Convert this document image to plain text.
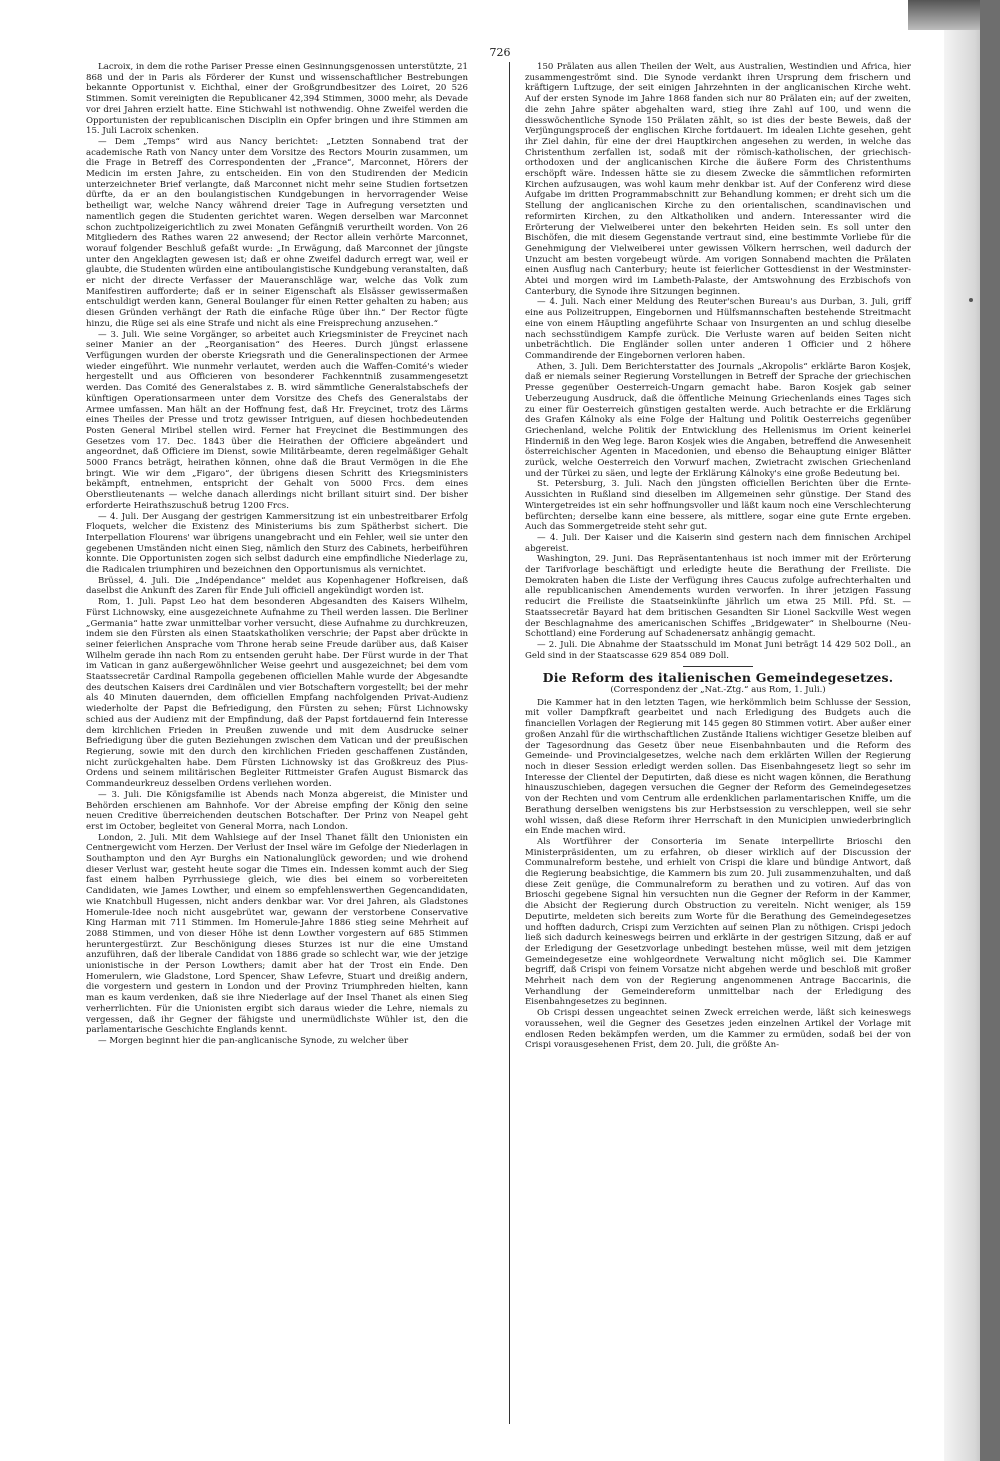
726

Lacroix, in dem die rothe Pariser Presse einen Gesinnungsgenossen unterstützte, 21 868 und der in Paris als Förderer der Kunst und wissenschaftlicher Bestrebungen bekannte Opportunist v. Eichthal, einer der Großgrundbesitzer des Loiret, 20 526 Stimmen. Somit vereinigten die Republicaner 42,394 Stimmen, 3000 mehr, als Devade vor drei Jahren erzielt hatte. Eine Stichwahl ist nothwendig. Ohne Zweifel werden die Opportunisten der republicanischen Disciplin ein Opfer bringen und ihre Stimmen am 15. Juli Lacroix schenken.

— Dem „Temps“ wird aus Nancy berichtet: „Letzten Sonnabend trat der academische Rath von Nancy unter dem Vorsitze des Rectors Mourin zusammen, um die Frage in Betreff des Correspondenten der „France“, Marconnet, Hörers der Medicin im ersten Jahre, zu entscheiden. Ein von den Studirenden der Medicin unterzeichneter Brief verlangte, daß Marconnet nicht mehr seine Studien fortsetzen dürfte, da er an den boulangistischen Kundgebungen in hervorragender Weise betheiligt war, welche Nancy während dreier Tage in Aufregung versetzten und namentlich gegen die Studenten gerichtet waren. Wegen derselben war Marconnet schon zuchtpolizeigerichtlich zu zwei Monaten Gefängniß verurtheilt worden. Von 26 Mitgliedern des Rathes waren 22 anwesend; der Rector allein verhörte Marconnet, worauf folgender Beschluß gefaßt wurde: „In Erwägung, daß Marconnet der jüngste unter den Angeklagten gewesen ist; daß er ohne Zweifel dadurch erregt war, weil er glaubte, die Studenten würden eine antiboulangistische Kundgebung veranstalten, daß er nicht der directe Verfasser der Maueranschläge war, welche das Volk zum Manifestiren aufforderte; daß er in seiner Eigenschaft als Elsässer gewissermaßen entschuldigt werden kann, General Boulanger für einen Retter gehalten zu haben; aus diesen Gründen verhängt der Rath die einfache Rüge über ihn.“ Der Rector fügte hinzu, die Rüge sei als eine Strafe und nicht als eine Freisprechung anzusehen.“

— 3. Juli. Wie seine Vorgänger, so arbeitet auch Kriegsminister de Freycinet nach seiner Manier an der „Reorganisation“ des Heeres. Durch jüngst erlassene Verfügungen wurden der oberste Kriegsrath und die Generalinspectionen der Armee wieder eingeführt. Wie nunmehr verlautet, werden auch die Waffen-Comité's wieder hergestellt und aus Officieren von besonderer Fachkenntniß zusammengesetzt werden. Das Comité des Generalstabes z. B. wird sämmtliche Generalstabschefs der künftigen Operationsarmeen unter dem Vorsitze des Chefs des Generalstabs der Armee umfassen. Man hält an der Hoffnung fest, daß Hr. Freycinet, trotz des Lärms eines Theiles der Presse und trotz gewisser Intriguen, auf diesen hochbedeutenden Posten General Miribel stellen wird. Ferner hat Freycinet die Bestimmungen des Gesetzes vom 17. Dec. 1843 über die Heirathen der Officiere abgeändert und angeordnet, daß Officiere im Dienst, sowie Militärbeamte, deren regelmäßiger Gehalt 5000 Francs beträgt, heirathen können, ohne daß die Braut Vermögen in die Ehe bringt. Wie wir dem „Figaro“, der übrigens diesen Schritt des Kriegsministers bekämpft, entnehmen, entspricht der Gehalt von 5000 Frcs. dem eines Oberstlieutenants — welche danach allerdings nicht brillant situirt sind. Der bisher erforderte Heirathszuschuß betrug 1200 Frcs.

— 4. Juli. Der Ausgang der gestrigen Kammersitzung ist ein unbestreitbarer Erfolg Floquets, welcher die Existenz des Ministeriums bis zum Spätherbst sichert. Die Interpellation Flourens' war übrigens unangebracht und ein Fehler, weil sie unter den gegebenen Umständen nicht einen Sieg, nämlich den Sturz des Cabinets, herbeiführen konnte. Die Opportunisten zogen sich selbst dadurch eine empfindliche Niederlage zu, die Radicalen triumphiren und bezeichnen den Opportunismus als vernichtet.

Brüssel, 4. Juli. Die „Indépendance“ meldet aus Kopenhagener Hofkreisen, daß daselbst die Ankunft des Zaren für Ende Juli officiell angekündigt worden ist.

Rom, 1. Juli. Papst Leo hat dem besonderen Abgesandten des Kaisers Wilhelm, Fürst Lichnowsky, eine ausgezeichnete Aufnahme zu Theil werden lassen. Die Berliner „Germania“ hatte zwar unmittelbar vorher versucht, diese Aufnahme zu durchkreuzen, indem sie den Fürsten als einen Staatskatholiken verschrie; der Papst aber drückte in seiner feierlichen Ansprache vom Throne herab seine Freude darüber aus, daß Kaiser Wilhelm gerade ihn nach Rom zu entsenden geruht habe. Der Fürst wurde in der That im Vatican in ganz außergewöhnlicher Weise geehrt und ausgezeichnet; bei dem vom Staatssecretär Cardinal Rampolla gegebenen officiellen Mahle wurde der Abgesandte des deutschen Kaisers drei Cardinälen und vier Botschaftern vorgestellt; bei der mehr als 40 Minuten dauernden, dem officiellen Empfang nachfolgenden Privat-Audienz wiederholte der Papst die Befriedigung, den Fürsten zu sehen; Fürst Lichnowsky schied aus der Audienz mit der Empfindung, daß der Papst fortdauernd fein Interesse dem kirchlichen Frieden in Preußen zuwende und mit dem Ausdrucke seiner Befriedigung über die guten Beziehungen zwischen dem Vatican und der preußischen Regierung, sowie mit den durch den kirchlichen Frieden geschaffenen Zuständen, nicht zurückgehalten habe. Dem Fürsten Lichnowsky ist das Großkreuz des Pius-Ordens und seinem militärischen Begleiter Rittmeister Grafen August Bismarck das Commandeurkreuz desselben Ordens verliehen worden.

— 3. Juli. Die Königsfamilie ist Abends nach Monza abgereist, die Minister und Behörden erschienen am Bahnhofe. Vor der Abreise empfing der König den seine neuen Creditive überreichenden deutschen Botschafter. Der Prinz von Neapel geht erst im October, begleitet von General Morra, nach London.

London, 2. Juli. Mit dem Wahlsiege auf der Insel Thanet fällt den Unionisten ein Centnergewicht vom Herzen. Der Verlust der Insel wäre im Gefolge der Niederlagen in Southampton und den Ayr Burghs ein Nationalunglück geworden; und wie drohend dieser Verlust war, gesteht heute sogar die Times ein. Indessen kommt auch der Sieg fast einem halben Pyrrhussiege gleich, wie dies bei einem so vorbereiteten Candidaten, wie James Lowther, und einem so empfehlenswerthen Gegencandidaten, wie Knatchbull Hugessen, nicht anders denkbar war. Vor drei Jahren, als Gladstones Homerule-Idee noch nicht ausgebrütet war, gewann der verstorbene Conservative King Harman mit 711 Stimmen. Im Homerule-Jahre 1886 stieg seine Mehrheit auf 2088 Stimmen, und von dieser Höhe ist denn Lowther vorgestern auf 685 Stimmen heruntergestürzt. Zur Beschönigung dieses Sturzes ist nur die eine Umstand anzuführen, daß der liberale Candidat von 1886 grade so schlecht war, wie der jetzige unionistische in der Person Lowthers; damit aber hat der Trost ein Ende. Den Homerulern, wie Gladstone, Lord Spencer, Shaw Lefevre, Stuart und dreißig andern, die vorgestern und gestern in London und der Provinz Triumphreden hielten, kann man es kaum verdenken, daß sie ihre Niederlage auf der Insel Thanet als einen Sieg verherrlichten. Für die Unionisten ergibt sich daraus wieder die Lehre, niemals zu vergessen, daß ihr Gegner der fähigste und unermüdlichste Wühler ist, den die parlamentarische Geschichte Englands kennt.

— Morgen beginnt hier die pan-anglicanische Synode, zu welcher über

150 Prälaten aus allen Theilen der Welt, aus Australien, Westindien und Africa, hier zusammengeströmt sind. Die Synode verdankt ihren Ursprung dem frischern und kräftigern Luftzuge, der seit einigen Jahrzehnten in der anglicanischen Kirche weht. Auf der ersten Synode im Jahre 1868 fanden sich nur 80 Prälaten ein; auf der zweiten, die zehn Jahre später abgehalten ward, stieg ihre Zahl auf 100, und wenn die diesswöchentliche Synode 150 Prälaten zählt, so ist dies der beste Beweis, daß der Verjüngungsproceß der englischen Kirche fortdauert. Im idealen Lichte gesehen, geht ihr Ziel dahin, für eine der drei Hauptkirchen angesehen zu werden, in welche das Christenthum zerfallen ist, sodaß mit der römisch-katholischen, der griechisch-orthodoxen und der anglicanischen Kirche die äußere Form des Christenthums erschöpft wäre. Indessen hätte sie zu diesem Zwecke die sämmtlichen reformirten Kirchen aufzusaugen, was wohl kaum mehr denkbar ist. Auf der Conferenz wird diese Aufgabe im dritten Programmabschnitt zur Behandlung kommen; er dreht sich um die Stellung der anglicanischen Kirche zu den orientalischen, scandinavischen und reformirten Kirchen, zu den Altkatholiken und andern. Interessanter wird die Erörterung der Vielweiberei unter den bekehrten Heiden sein. Es soll unter den Bischöfen, die mit diesem Gegenstande vertraut sind, eine bestimmte Vorliebe für die Genehmigung der Vielweiberei unter gewissen Völkern herrschen, weil dadurch der Unzucht am besten vorgebeugt würde. Am vorigen Sonnabend machten die Prälaten einen Ausflug nach Canterbury; heute ist feierlicher Gottesdienst in der Westminster-Abtei und morgen wird im Lambeth-Palaste, der Amtswohnung des Erzbischofs von Canterbury, die Synode ihre Sitzungen beginnen.

— 4. Juli. Nach einer Meldung des Reuter'schen Bureau's aus Durban, 3. Juli, griff eine aus Polizeitruppen, Eingebornen und Hülfsmannschaften bestehende Streitmacht eine von einem Häuptling angeführte Schaar von Insurgenten an und schlug dieselbe nach sechsstündigem Kampfe zurück. Die Verluste waren auf beiden Seiten nicht unbeträchtlich. Die Engländer sollen unter anderen 1 Officier und 2 höhere Commandirende der Eingebornen verloren haben.

Athen, 3. Juli. Dem Berichterstatter des Journals „Akropolis“ erklärte Baron Kosjek, daß er niemals seiner Regierung Vorstellungen in Betreff der Sprache der griechischen Presse gegenüber Oesterreich-Ungarn gemacht habe. Baron Kosjek gab seiner Ueberzeugung Ausdruck, daß die öffentliche Meinung Griechenlands eines Tages sich zu einer für Oesterreich günstigen gestalten werde. Auch betrachte er die Erklärung des Grafen Kálnoky als eine Folge der Haltung und Politik Oesterreichs gegenüber Griechenland, welche Politik der Entwicklung des Hellenismus im Orient keinerlei Hinderniß in den Weg lege. Baron Kosjek wies die Angaben, betreffend die Anwesenheit österreichischer Agenten in Macedonien, und ebenso die Behauptung einiger Blätter zurück, welche Oesterreich den Vorwurf machen, Zwietracht zwischen Griechenland und der Türkei zu säen, und legte der Erklärung Kálnoky's eine große Bedeutung bei.

St. Petersburg, 3. Juli. Nach den jüngsten officiellen Berichten über die Ernte-Aussichten in Rußland sind dieselben im Allgemeinen sehr günstige. Der Stand des Wintergetreides ist ein sehr hoffnungsvoller und läßt kaum noch eine Verschlechterung befürchten; derselbe kann eine bessere, als mittlere, sogar eine gute Ernte ergeben. Auch das Sommergetreide steht sehr gut.

— 4. Juli. Der Kaiser und die Kaiserin sind gestern nach dem finnischen Archipel abgereist.

Washington, 29. Juni. Das Repräsentantenhaus ist noch immer mit der Erörterung der Tarifvorlage beschäftigt und erledigte heute die Berathung der Freiliste. Die Demokraten haben die Liste der Verfügung ihres Caucus zufolge aufrechterhalten und alle republicanischen Amendements wurden verworfen. In ihrer jetzigen Fassung reducirt die Freiliste die Staatseinkünfte jährlich um etwa 25 Mill. Pfd. St. — Staatssecretär Bayard hat dem britischen Gesandten Sir Lionel Sackville West wegen der Beschlagnahme des americanischen Schiffes „Bridgewater“ in Shelbourne (Neu-Schottland) eine Forderung auf Schadenersatz anhängig gemacht.

— 2. Juli. Die Abnahme der Staatsschuld im Monat Juni beträgt 14 429 502 Doll., an Geld sind in der Staatscasse 629 854 089 Doll.

Die Reform des italienischen Gemeindegesetzes.

(Correspondenz der „Nat.-Ztg.“ aus Rom, 1. Juli.)

Die Kammer hat in den letzten Tagen, wie herkömmlich beim Schlusse der Session, mit voller Dampfkraft gearbeitet und nach Erledigung des Budgets auch die financiellen Vorlagen der Regierung mit 145 gegen 80 Stimmen votirt. Aber außer einer großen Anzahl für die wirthschaftlichen Zustände Italiens wichtiger Gesetze bleiben auf der Tagesordnung das Gesetz über neue Eisenbahnbauten und die Reform des Gemeinde- und Provincialgesetzes, welche nach dem erklärten Willen der Regierung noch in dieser Session erledigt werden sollen. Das Eisenbahngesetz liegt so sehr im Interesse der Clientel der Deputirten, daß diese es nicht wagen können, die Berathung hinauszuschieben, dagegen versuchen die Gegner der Reform des Gemeindegesetzes von der Rechten und vom Centrum alle erdenklichen parlamentarischen Kniffe, um die Berathung derselben wenigstens bis zur Herbstsession zu verschleppen, weil sie sehr wohl wissen, daß diese Reform ihrer Herrschaft in den Municipien unwiederbringlich ein Ende machen wird.

Als Wortführer der Consorteria im Senate interpellirte Brioschi den Ministerpräsidenten, um zu erfahren, ob dieser wirklich auf der Discussion der Communalreform bestehe, und erhielt von Crispi die klare und bündige Antwort, daß die Regierung beabsichtige, die Kammern bis zum 20. Juli zusammenzuhalten, und daß diese Zeit genüge, die Communalreform zu berathen und zu votiren. Auf das von Brioschi gegebene Signal hin versuchten nun die Gegner der Reform in der Kammer, die Absicht der Regierung durch Obstruction zu vereiteln. Nicht weniger, als 159 Deputirte, meldeten sich bereits zum Worte für die Berathung des Gemeindegesetzes und hofften dadurch, Crispi zum Verzichten auf seinen Plan zu nöthigen. Crispi jedoch ließ sich dadurch keineswegs beirren und erklärte in der gestrigen Sitzung, daß er auf der Erledigung der Gesetzvorlage unbedingt bestehen müsse, weil mit dem jetzigen Gemeindegesetze eine wohlgeordnete Verwaltung nicht möglich sei. Die Kammer begriff, daß Crispi von feinem Vorsatze nicht abgehen werde und beschloß mit großer Mehrheit nach dem von der Regierung angenommenen Antrage Baccarinis, die Verhandlung der Gemeindereform unmittelbar nach der Erledigung des Eisenbahngesetzes zu beginnen.

Ob Crispi dessen ungeachtet seinen Zweck erreichen werde, läßt sich keineswegs voraussehen, weil die Gegner des Gesetzes jeden einzelnen Artikel der Vorlage mit endlosen Reden bekämpfen werden, um die Kammer zu ermüden, sodaß bei der von Crispi vorausgesehenen Frist, dem 20. Juli, die größte An-
